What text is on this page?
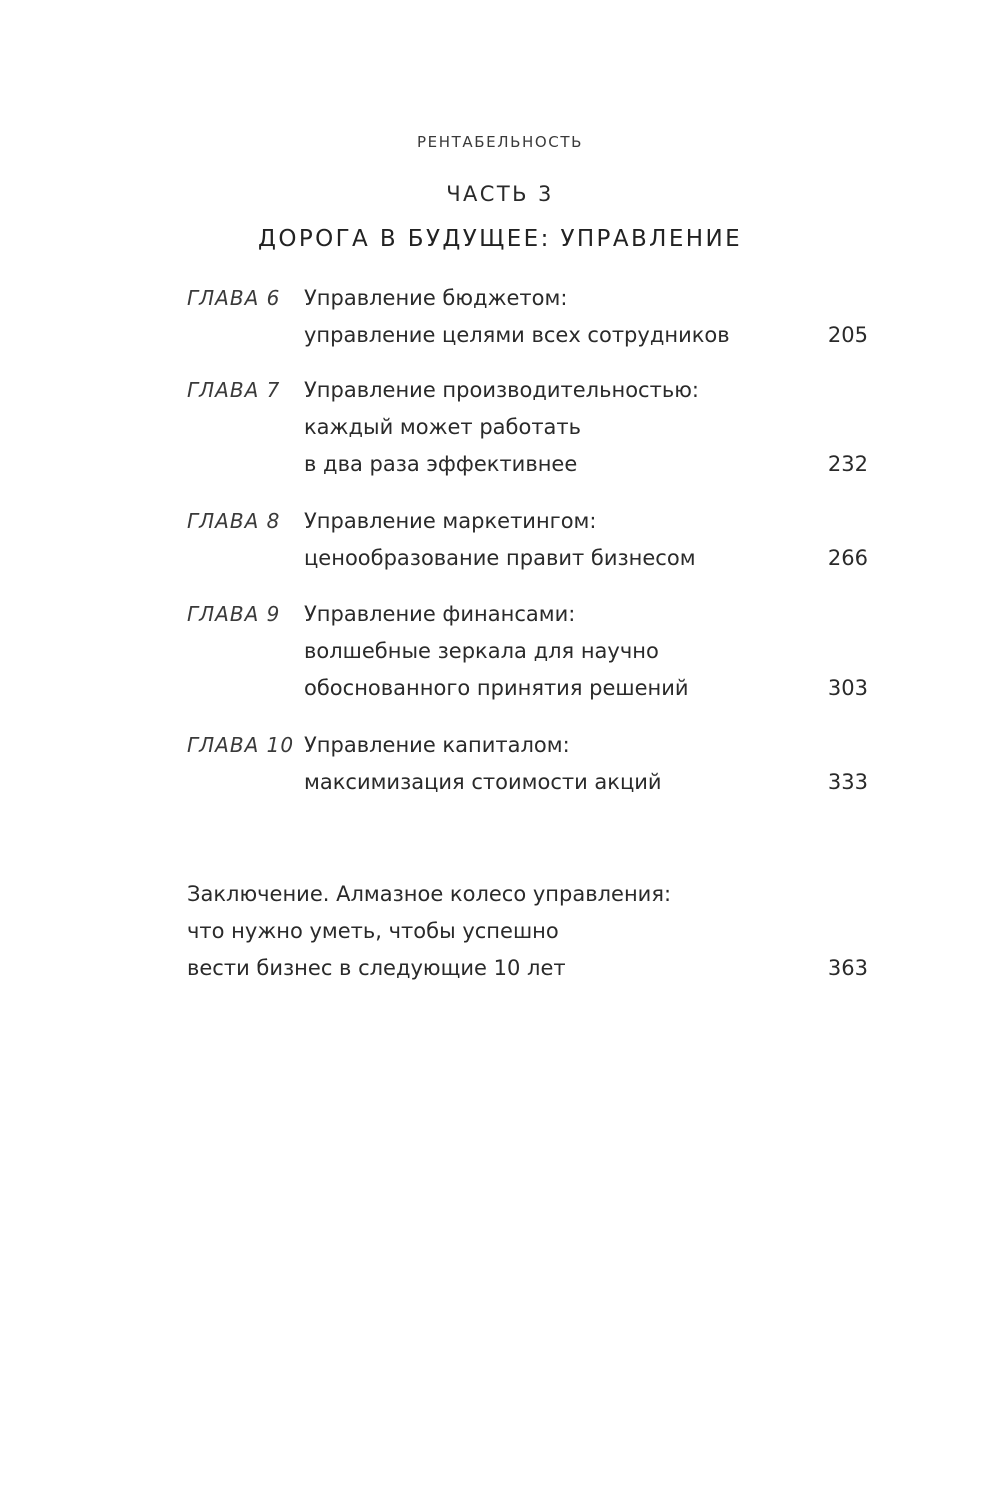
РЕНТАБЕЛЬНОСТЬ
ЧАСТЬ 3
ДОРОГА В БУДУЩЕЕ: УПРАВЛЕНИЕ
ГЛАВА 6 Управление бюджетом:
управление целями всех сотрудников	205
ГЛАВА 7 Управление производительностью:
каждый может работать
в два раза эффективнее	232
ГЛАВА 8 Управление маркетингом:
ценообразование правит бизнесом	266
ГЛАВА 9 Управление финансами:
волшебные зеркала для научно
обоснованного принятия решений	303
ГЛАВА 10 Управление капиталом:
максимизация стоимости акций	333
Заключение. Алмазное колесо управления:
что нужно уметь, чтобы успешно
вести бизнес в следующие 10 лет	363
